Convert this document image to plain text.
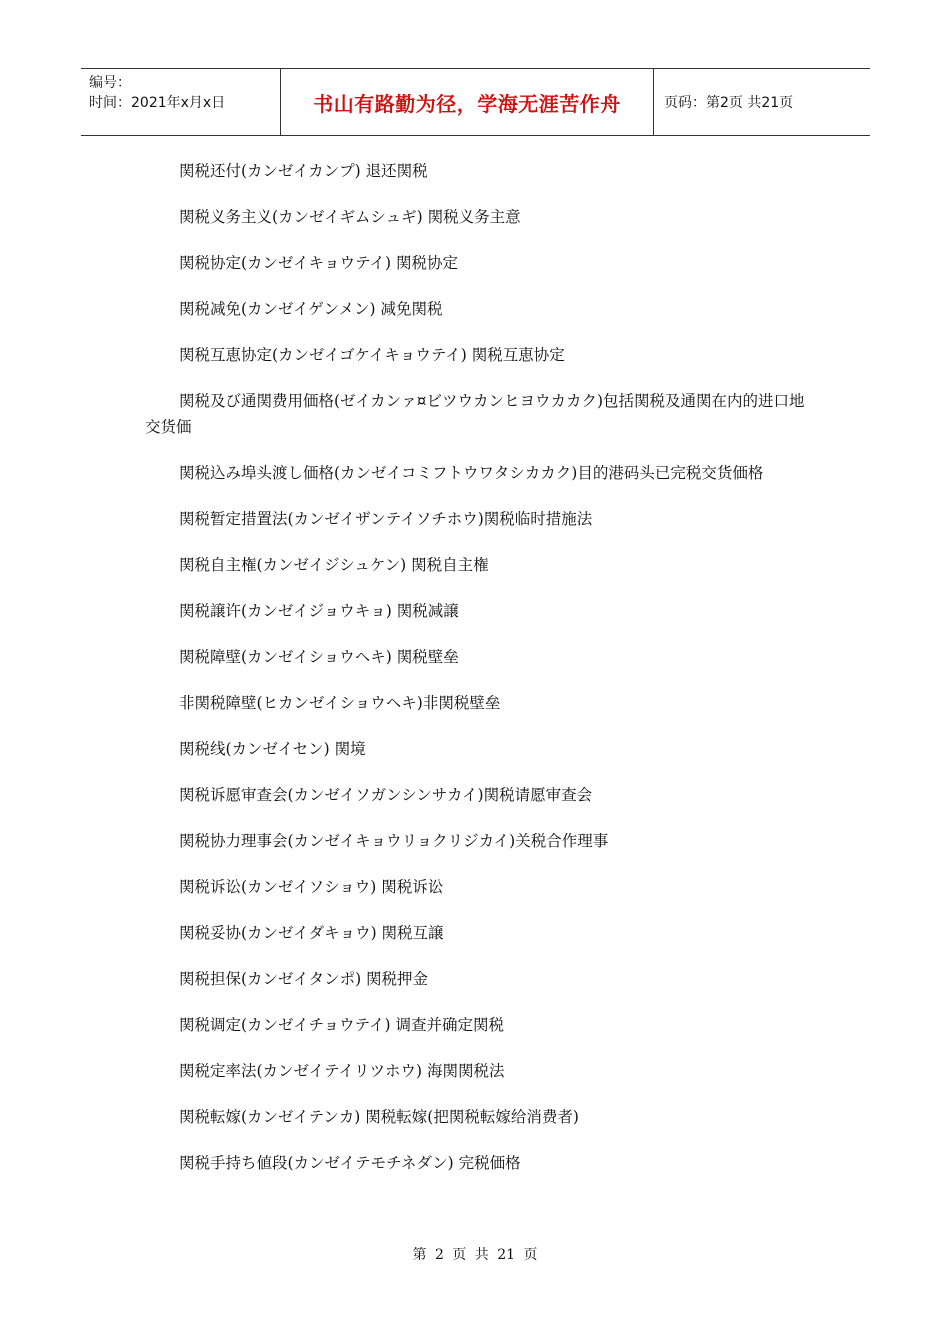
编号：
时间：2021年x月x日	书山有路勤为径，学海无涯苦作舟	页码：第2页 共21页

関税还付(カンゼイカンプ) 退还関税

関税义务主义(カンゼイギムシュギ) 関税义务主意

関税协定(カンゼイキョウテイ) 関税协定

関税减免(カンゼイゲンメン) 减免関税

関税互恵协定(カンゼイゴケイキョウテイ) 関税互恵协定

関税及び通関费用価格(ゼイカンァ¤ビツウカンヒヨウカカク)包括関税及通関在内的进口地交货価

関税込み埠头渡し価格(カンゼイコミフトウワタシカカク)目的港码头已完税交货価格

関税暂定措置法(カンゼイザンテイソチホウ)関税临时措施法

関税自主権(カンゼイジシュケン) 関税自主権

関税譲许(カンゼイジョウキョ) 関税减譲

関税障壁(カンゼイショウヘキ) 関税壁垒

非関税障壁(ヒカンゼイショウヘキ)非関税壁垒

関税线(カンゼイセン) 関境

関税诉愿审查会(カンゼイソガンシンサカイ)関税请愿审查会

関税协力理事会(カンゼイキョウリョクリジカイ)关税合作理事

関税诉讼(カンゼイソショウ) 関税诉讼

関税妥协(カンゼイダキョウ) 関税互譲

関税担保(カンゼイタンポ) 関税押金

関税调定(カンゼイチョウテイ) 调查并确定関税

関税定率法(カンゼイテイリツホウ) 海関関税法

関税転嫁(カンゼイテンカ) 関税転嫁(把関税転嫁给消费者)

関税手持ち値段(カンゼイテモチネダン) 完税価格

第 2 页 共 21 页
